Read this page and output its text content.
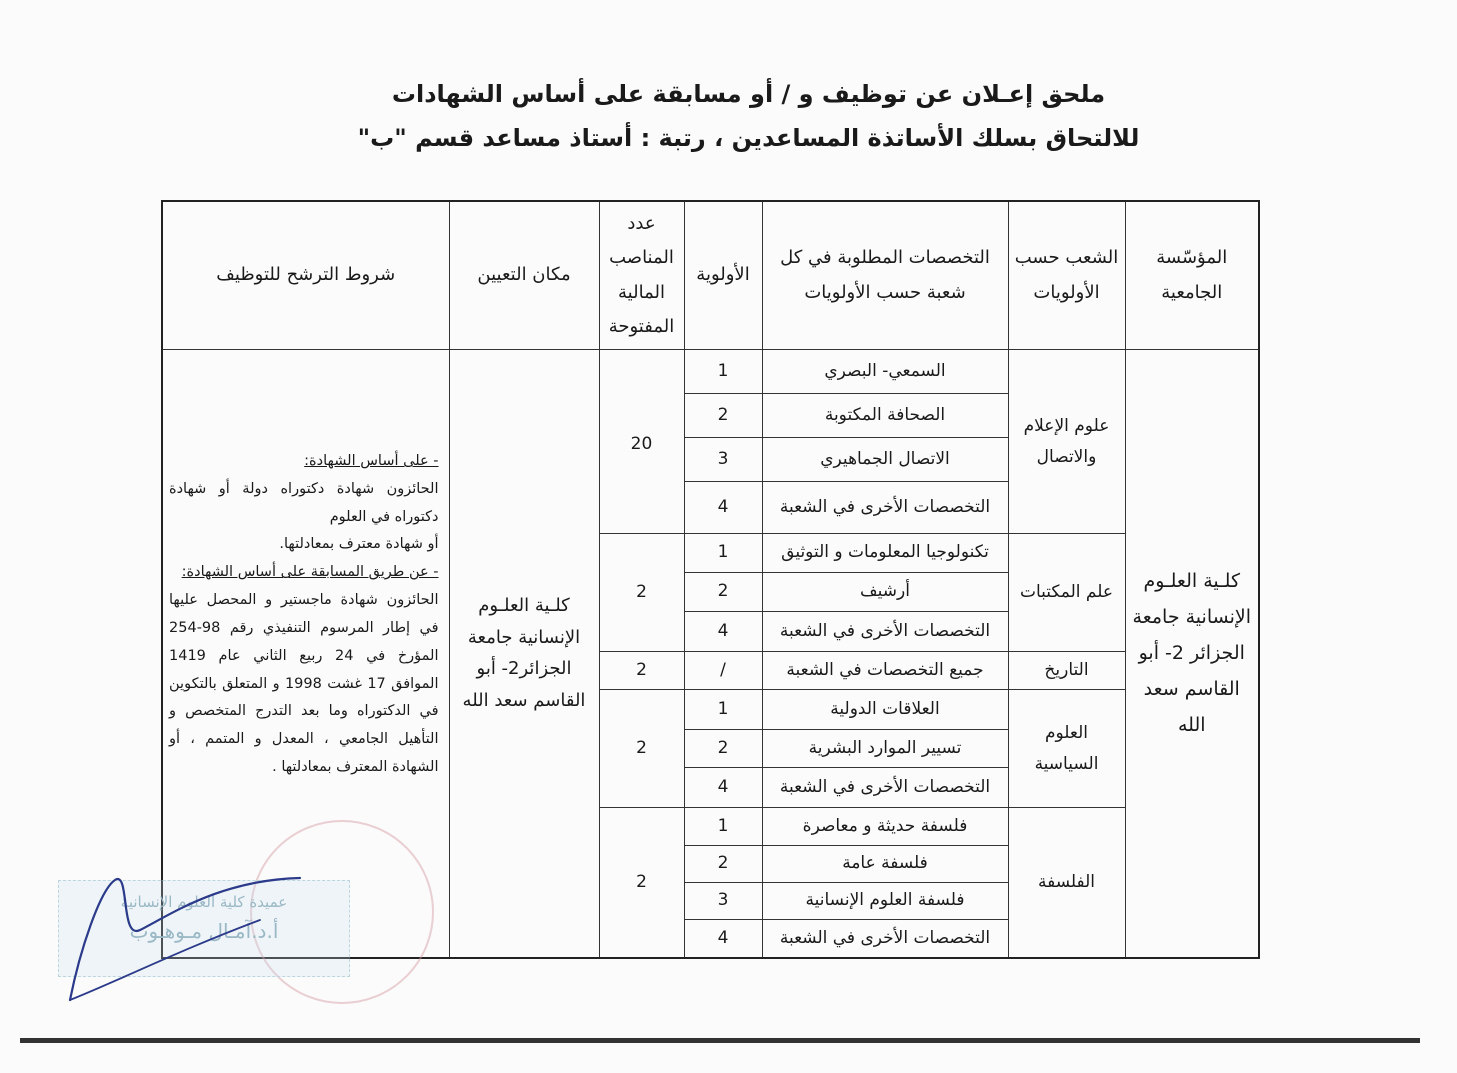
ملحق إعـلان عن توظيف و / أو مسابقة على أساس الشهادات
للالتحاق بسلك الأساتذة المساعدين ، رتبة : أستاذ مساعد قسم "ب"
المؤسّسة الجامعية	الشعب حسب الأولويات	التخصصات المطلوبة في كل شعبة حسب الأولويات	الأولوية	عدد المناصب المالية المفتوحة	مكان التعيين	شروط الترشح للتوظيف
كلـية العلـوم الإنسانية جامعة الجزائر 2- أبو القاسم سعد الله	علوم الإعلام والاتصال	السمعي- البصري	1	20	كلـية العلـوم الإنسانية جامعة الجزائر2- أبو القاسم سعد الله	- على أساس الشهادة:
الحائزون شهادة دكتوراه دولة أو شهادة دكتوراه في العلوم
أو شهادة معترف بمعادلتها.
- عن طريق المسابقة على أساس الشهادة:
الحائزون شهادة ماجستير و المحصل عليها في إطار المرسوم التنفيذي رقم 98-254 المؤرخ في 24 ربيع الثاني عام 1419 الموافق 17 غشت 1998 و المتعلق بالتكوين في الدكتوراه وما بعد التدرج المتخصص و التأهيل الجامعي ، المعدل و المتمم ، أو الشهادة المعترف بمعادلتها .

		الصحافة المكتوبة	2			
		الاتصال الجماهيري	3			
		التخصصات الأخرى في الشعبة	4			
	علم المكتبات	تكنولوجيا المعلومات و التوثيق	1	2		
		أرشيف	2			
		التخصصات الأخرى في الشعبة	4			
	التاريخ	جميع التخصصات في الشعبة	/	2		
	العلوم السياسية	العلاقات الدولية	1	2		
		تسيير الموارد البشرية	2			
		التخصصات الأخرى في الشعبة	4			
	الفلسفة	فلسفة حديثة و معاصرة	1	2		
		فلسفة عامة	2			
		فلسفة العلوم الإنسانية	3			
		التخصصات الأخرى في الشعبة	4			
عميدة كلية العلوم الإنسانية
أ.د.آمـال مـوهـوب
